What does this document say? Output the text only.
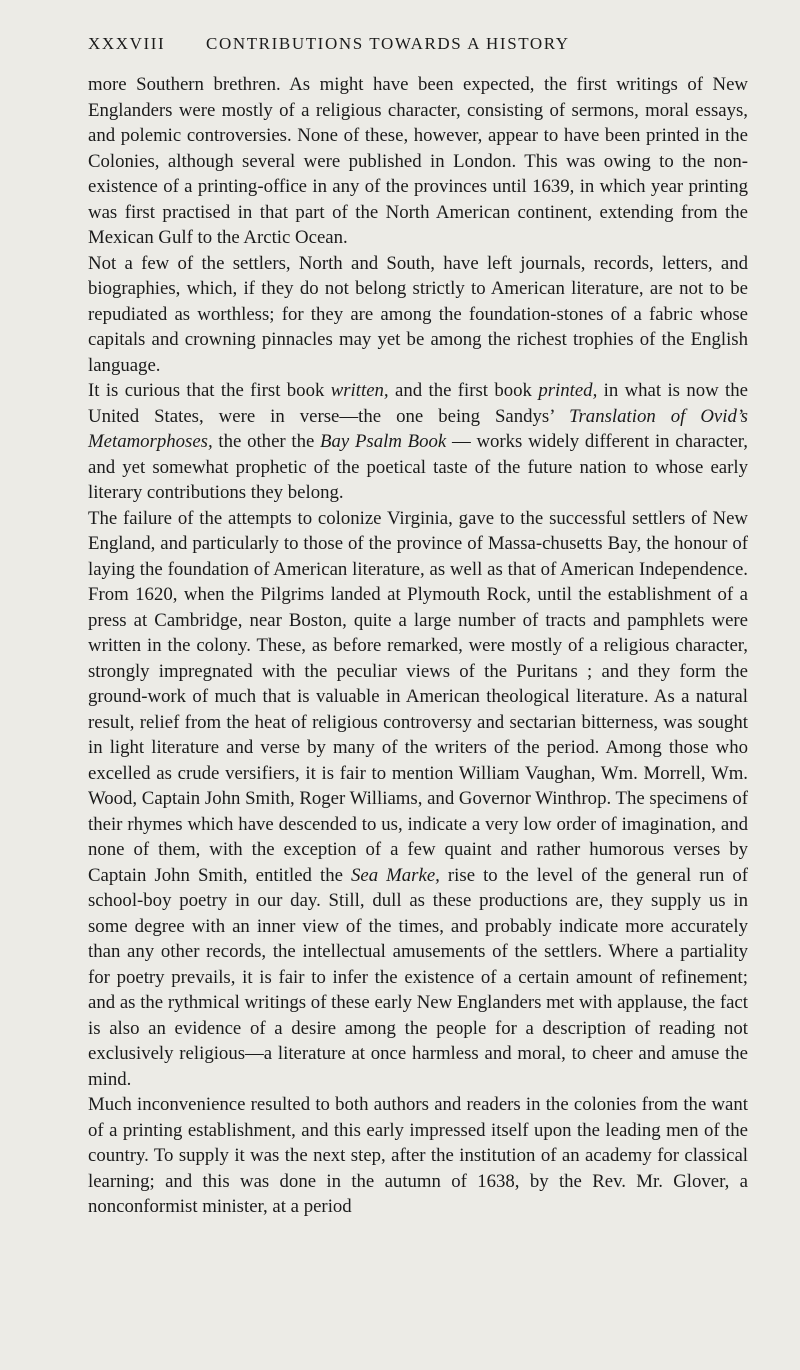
XXXVIII CONTRIBUTIONS TOWARDS A HISTORY

more Southern brethren. As might have been expected, the first writings of New Englanders were mostly of a religious character, consisting of sermons, moral essays, and polemic controversies. None of these, however, appear to have been printed in the Colonies, although several were published in London. This was owing to the non-existence of a printing-office in any of the provinces until 1639, in which year printing was first practised in that part of the North American continent, extending from the Mexican Gulf to the Arctic Ocean.

Not a few of the settlers, North and South, have left journals, records, letters, and biographies, which, if they do not belong strictly to American literature, are not to be repudiated as worthless; for they are among the foundation-stones of a fabric whose capitals and crowning pinnacles may yet be among the richest trophies of the English language.

It is curious that the first book written, and the first book printed, in what is now the United States, were in verse—the one being Sandys’ Translation of Ovid’s Metamorphoses, the other the Bay Psalm Book — works widely different in character, and yet somewhat prophetic of the poetical taste of the future nation to whose early literary contributions they belong.

The failure of the attempts to colonize Virginia, gave to the successful settlers of New England, and particularly to those of the province of Massa-chusetts Bay, the honour of laying the foundation of American literature, as well as that of American Independence. From 1620, when the Pilgrims landed at Plymouth Rock, until the establishment of a press at Cambridge, near Boston, quite a large number of tracts and pamphlets were written in the colony. These, as before remarked, were mostly of a religious character, strongly impregnated with the peculiar views of the Puritans ; and they form the ground-work of much that is valuable in American theological literature. As a natural result, relief from the heat of religious controversy and sectarian bitterness, was sought in light literature and verse by many of the writers of the period. Among those who excelled as crude versifiers, it is fair to mention William Vaughan, Wm. Morrell, Wm. Wood, Captain John Smith, Roger Williams, and Governor Winthrop. The specimens of their rhymes which have descended to us, indicate a very low order of imagination, and none of them, with the exception of a few quaint and rather humorous verses by Captain John Smith, entitled the Sea Marke, rise to the level of the general run of school-boy poetry in our day. Still, dull as these productions are, they supply us in some degree with an inner view of the times, and probably indicate more accurately than any other records, the intellectual amusements of the settlers. Where a partiality for poetry prevails, it is fair to infer the existence of a certain amount of refinement; and as the rythmical writings of these early New Englanders met with applause, the fact is also an evidence of a desire among the people for a description of reading not exclusively religious—a literature at once harmless and moral, to cheer and amuse the mind.

Much inconvenience resulted to both authors and readers in the colonies from the want of a printing establishment, and this early impressed itself upon the leading men of the country. To supply it was the next step, after the institution of an academy for classical learning; and this was done in the autumn of 1638, by the Rev. Mr. Glover, a nonconformist minister, at a period
